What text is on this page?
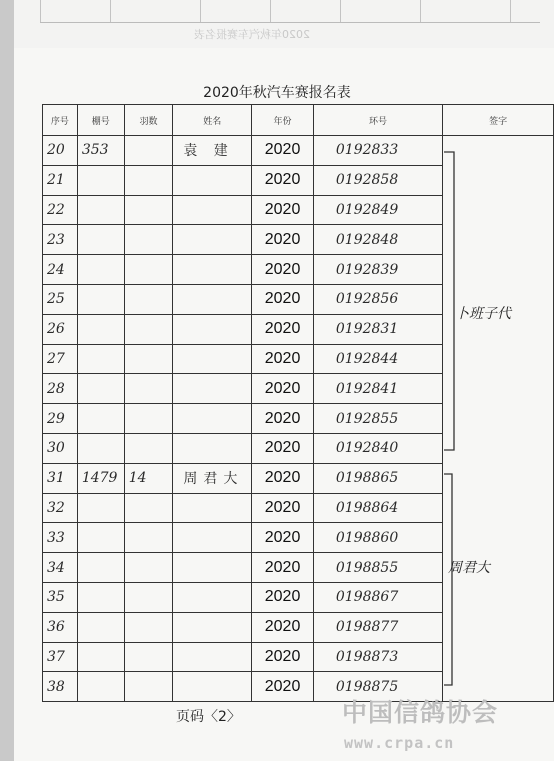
2020年秋汽车赛报名表
2020年秋汽车赛报名表
序号	棚号	羽数	姓名	年份	环号	签字
20	353		袁 建	2020	0192833	
21				2020	0192858	
22				2020	0192849	
23				2020	0192848	
24				2020	0192839	
25				2020	0192856	
26				2020	0192831	
27				2020	0192844	
28				2020	0192841	
29				2020	0192855	
30				2020	0192840	
31	1479	14	周君大	2020	0198865	
32				2020	0198864	
33				2020	0198860	
34				2020	0198855	
35				2020	0198867	
36				2020	0198877	
37				2020	0198873	
38				2020	0198875	
卜班子代
周君大
页码〈2〉	中国信鸽协会
www.crpa.cn
